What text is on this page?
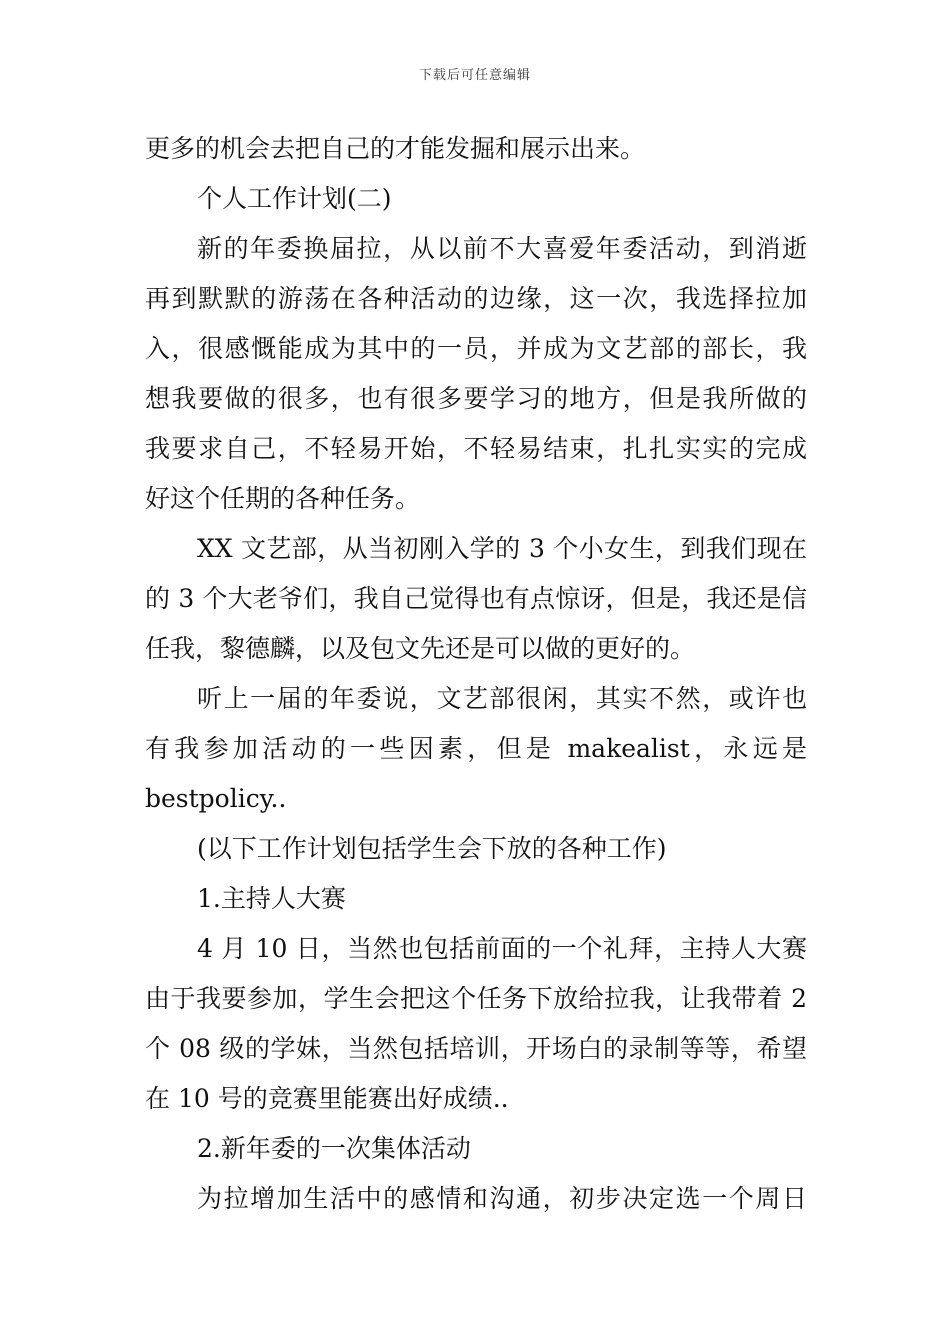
下载后可任意编辑
更多的机会去把自己的才能发掘和展示出来。
个人工作计划(二)
新的年委换届拉，从以前不大喜爱年委活动，到消逝
再到默默的游荡在各种活动的边缘，这一次，我选择拉加
入，很感慨能成为其中的一员，并成为文艺部的部长，我
想我要做的很多，也有很多要学习的地方，但是我所做的
我要求自己，不轻易开始，不轻易结束，扎扎实实的完成
好这个任期的各种任务。
XX 文艺部，从当初刚入学的 3 个小女生，到我们现在
的 3 个大老爷们，我自己觉得也有点惊讶，但是，我还是信
任我，黎德麟，以及包文先还是可以做的更好的。
听上一届的年委说，文艺部很闲，其实不然，或许也
有我参加活动的一些因素，但是 makealist，永远是
bestpolicy..
(以下工作计划包括学生会下放的各种工作)
1.主持人大赛
4 月 10 日，当然也包括前面的一个礼拜，主持人大赛
由于我要参加，学生会把这个任务下放给拉我，让我带着 2
个 08 级的学妹，当然包括培训，开场白的录制等等，希望
在 10 号的竞赛里能赛出好成绩..
2.新年委的一次集体活动
为拉增加生活中的感情和沟通，初步决定选一个周日
